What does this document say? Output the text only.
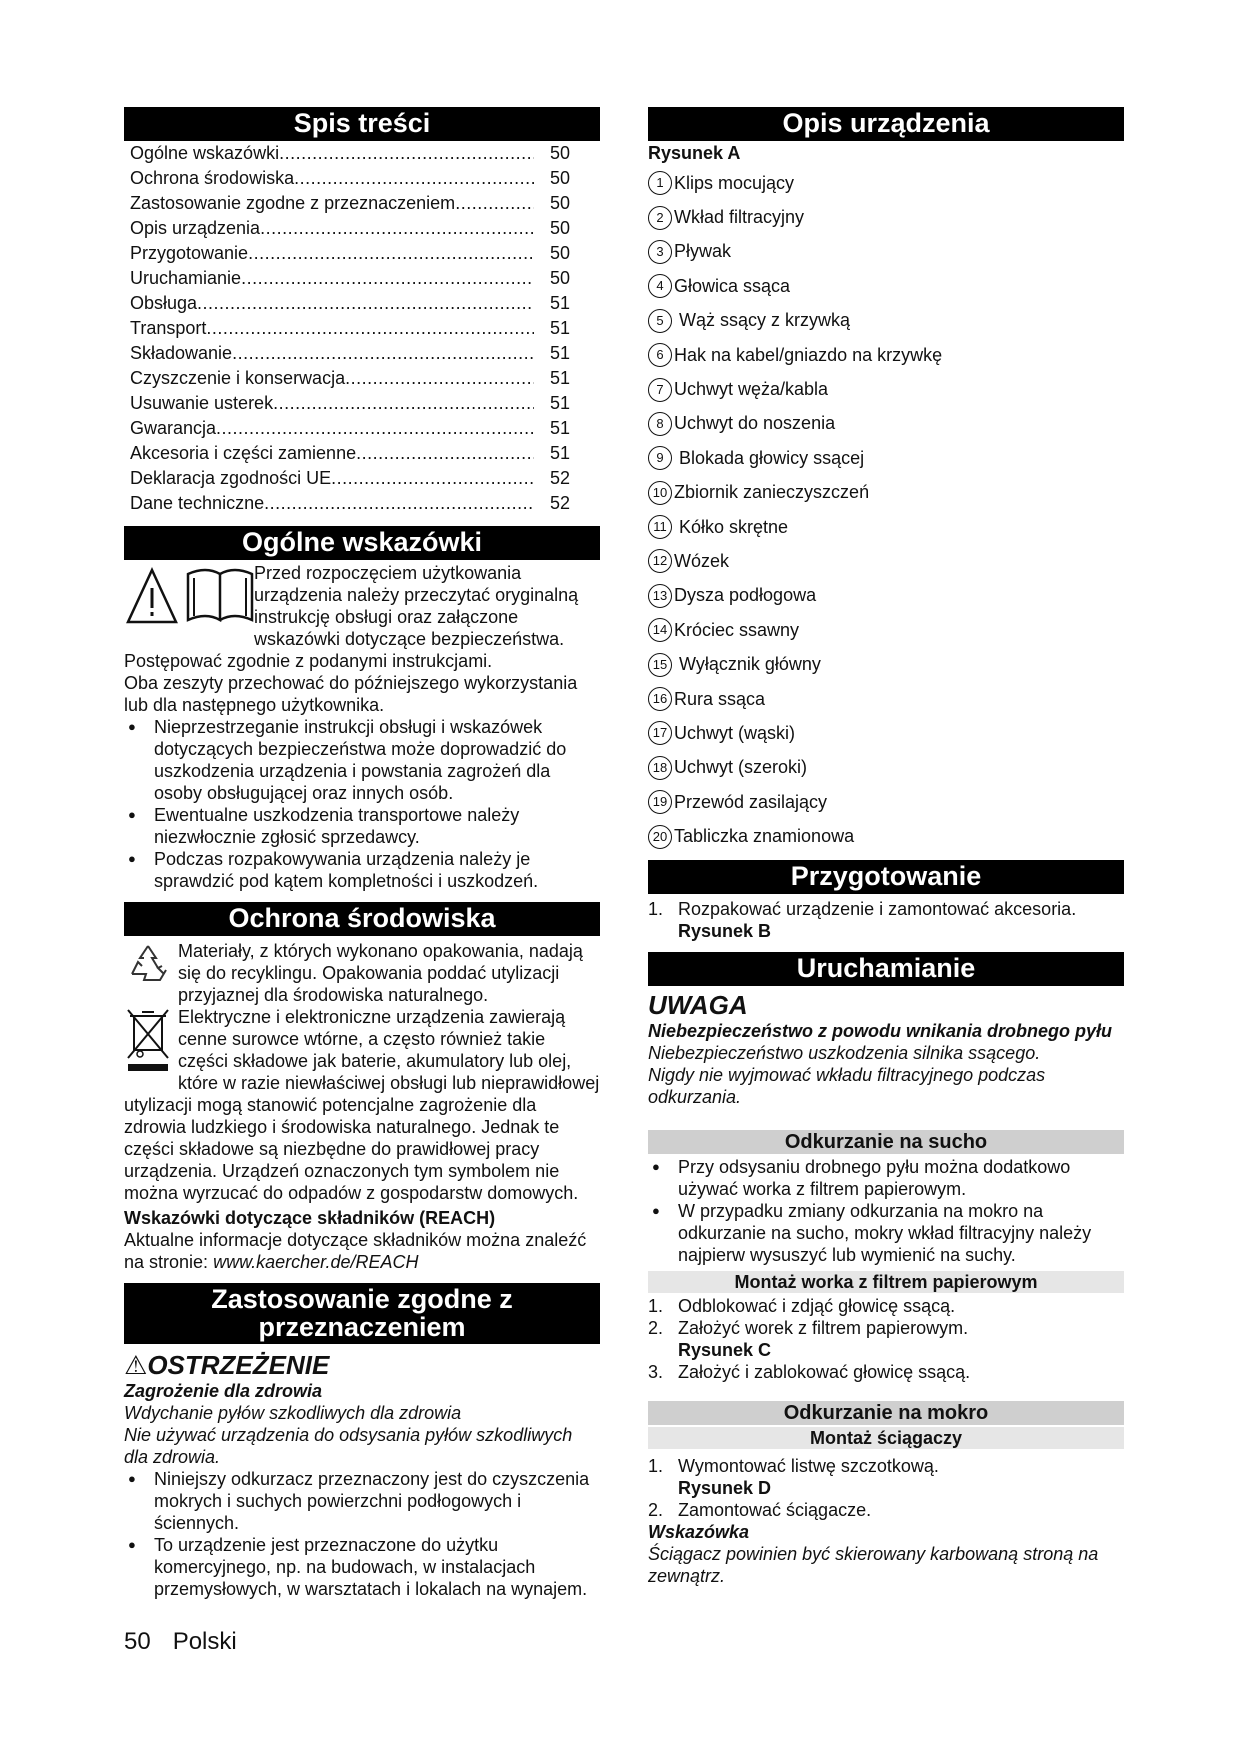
Spis treści
Ogólne wskazówki .....	50
Ochrona środowiska .....	50
Zastosowanie zgodne z przeznaczeniem .....	50
Opis urządzenia .....	50
Przygotowanie .....	50
Uruchamianie .....	50
Obsługa .....	51
Transport .....	51
Składowanie .....	51
Czyszczenie i konserwacja .....	51
Usuwanie usterek .....	51
Gwarancja .....	51
Akcesoria i części zamienne .....	51
Deklaracja zgodności UE .....	52
Dane techniczne .....	52
Ogólne wskazówki

Przed rozpoczęciem użytkowania urządzenia należy przeczytać oryginalną instrukcję obsługi oraz załączone wskazówki dotyczące bezpieczeństwa. Postępować zgodnie z podanymi instrukcjami.

Oba zeszyty przechować do późniejszego wykorzystania lub dla następnego użytkownika.

● Nieprzestrzeganie instrukcji obsługi i wskazówek dotyczących bezpieczeństwa może doprowadzić do uszkodzenia urządzenia i powstania zagrożeń dla osoby obsługującej oraz innych osób.
● Ewentualne uszkodzenia transportowe należy niezwłocznie zgłosić sprzedawcy.
● Podczas rozpakowywania urządzenia należy je sprawdzić pod kątem kompletności i uszkodzeń.
Ochrona środowiska

Materiały, z których wykonano opakowania, nadają się do recyklingu. Opakowania poddać utylizacji przyjaznej dla środowiska naturalnego.

Elektryczne i elektroniczne urządzenia zawierają cenne surowce wtórne, a często również takie części składowe jak baterie, akumulatory lub olej, które w razie niewłaściwej obsługi lub nieprawidłowej utylizacji mogą stanowić potencjalne zagrożenie dla zdrowia ludzkiego i środowiska naturalnego. Jednak te części składowe są niezbędne do prawidłowej pracy urządzenia. Urządzeń oznaczonych tym symbolem nie można wyrzucać do odpadów z gospodarstw domowych.

Wskazówki dotyczące składników (REACH)

Aktualne informacje dotyczące składników można znaleźć na stronie: www.kaercher.de/REACH

Zastosowanie zgodne z przeznaczeniem

⚠OSTRZEŻENIE

Zagrożenie dla zdrowia

Wdychanie pyłów szkodliwych dla zdrowia

Nie używać urządzenia do odsysania pyłów szkodliwych dla zdrowia.

● Niniejszy odkurzacz przeznaczony jest do czyszczenia mokrych i suchych powierzchni podłogowych i ściennych.
● To urządzenie jest przeznaczone do użytku komercyjnego, np. na budowach, w instalacjach przemysłowych, w warsztatach i lokalach na wynajem.
Opis urządzenia

Rysunek A

1 Klips mocujący
2 Wkład filtracyjny
3 Pływak
4 Głowica ssąca
5 Wąż ssący z krzywką
6 Hak na kabel/gniazdo na krzywkę
7 Uchwyt węża/kabla
8 Uchwyt do noszenia
9 Blokada głowicy ssącej
10 Zbiornik zanieczyszczeń
11 Kółko skrętne
12 Wózek
13 Dysza podłogowa
14 Króciec ssawny
15 Wyłącznik główny
16 Rura ssąca
17 Uchwyt (wąski)
18 Uchwyt (szeroki)
19 Przewód zasilający
20 Tabliczka znamionowa
Przygotowanie
1. Rozpakować urządzenie i zamontować akcesoria.

Rysunek B

Uruchamianie

UWAGA

Niebezpieczeństwo z powodu wnikania drobnego pyłu

Niebezpieczeństwo uszkodzenia silnika ssącego.

Nigdy nie wyjmować wkładu filtracyjnego podczas odkurzania.

Odkurzanie na sucho
● Przy odsysaniu drobnego pyłu można dodatkowo używać worka z filtrem papierowym.
● W przypadku zmiany odkurzania na mokro na odkurzanie na sucho, mokry wkład filtracyjny należy najpierw wysuszyć lub wymienić na suchy.
Montaż worka z filtrem papierowym
1. Odblokować i zdjąć głowicę ssącą.
2. Założyć worek z filtrem papierowym.

Rysunek C

3. Założyć i zablokować głowicę ssącą.
Odkurzanie na mokro
Montaż ściągaczy
1. Wymontować listwę szczotkową.

Rysunek D

2. Zamontować ściągacze.

Wskazówka

Ściągacz powinien być skierowany karbowaną stroną na zewnątrz.

50 Polski
